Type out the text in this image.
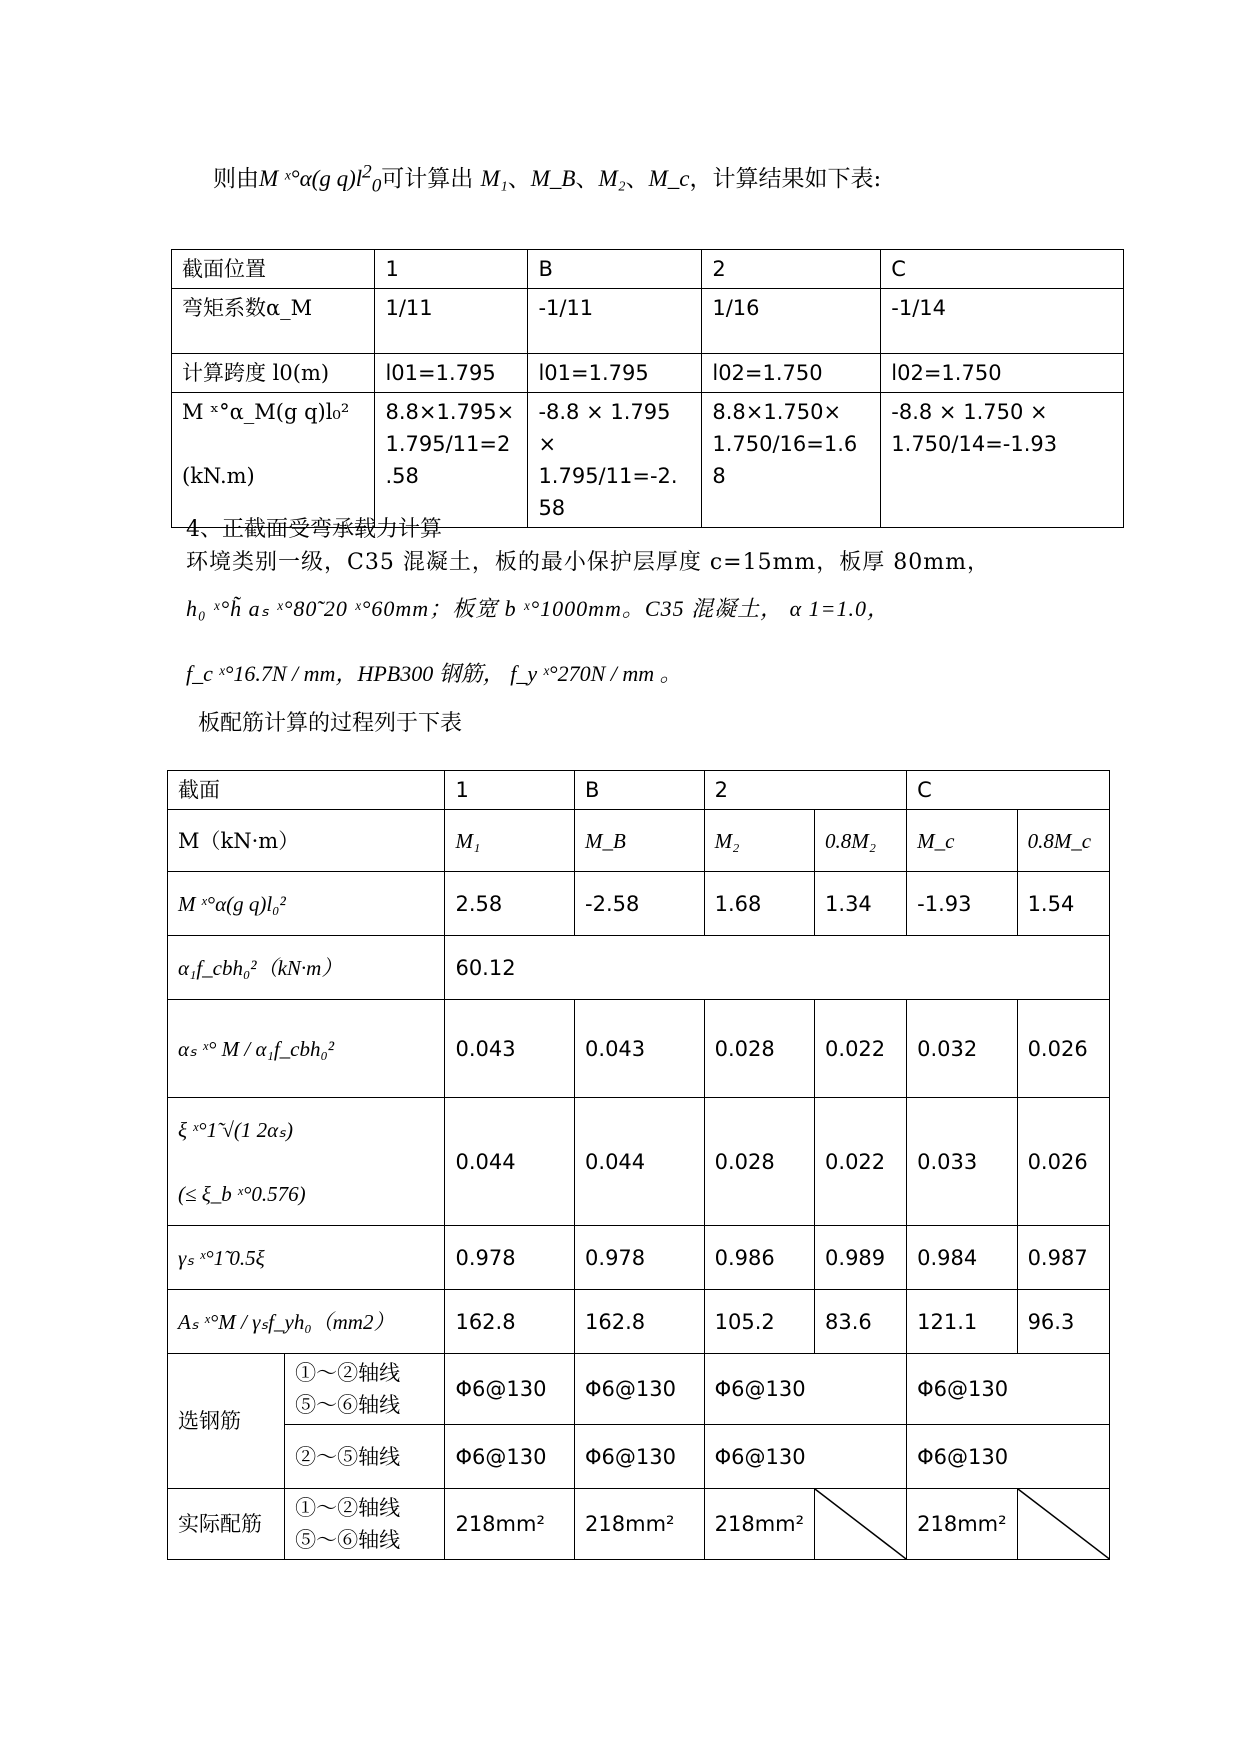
则由M ˣ°α(g $q)l^2_0$可计算出 M₁、M_B、M₂、M_c，计算结果如下表:
截面位置	1	B	2	C
弯矩系数α_M	1/11	-1/11	1/16	-1/14
计算跨度 l0(m)	l01=1.795	l01=1.795	l02=1.750	l02=1.750
M ˣ°α_M(g q)l₀²

(kN.m)	8.8×1.795×
1.795/11=2
.58	-8.8 × 1.795
×
1.795/11=-2.
58	8.8×1.750×
1.750/16=1.6
8	-8.8 × 1.750 ×
1.750/14=-1.93
4、正截面受弯承载力计算
环境类别一级，C35 混凝土，板的最小保护层厚度 c=15mm，板厚 80mm，
h₀ ˣ°h̃ aₛ ˣ°80̃ 20 ˣ°60mm；板宽 b ˣ°1000mm。C35 混凝土， α 1=1.0，
f_c ˣ°16.7N / mm，HPB300 钢筋， f_y ˣ°270N / mm 。
板配筋计算的过程列于下表
截面		1	B	2		C	
M（kN·m）		M₁	M_B	M₂	0.8M₂	M_c	0.8M_c
M ˣ°α(g q)l₀²		2.58	-2.58	1.68	1.34	-1.93	1.54
α₁f_cbh₀²（kN·m）		60.12					
αₛ ˣ° M / α₁f_cbh₀²		0.043	0.043	0.028	0.022	0.032	0.026
ξ ˣ°1̃ √(1 2αₛ)

(≤ ξ_b ˣ°0.576)		0.044	0.044	0.028	0.022	0.033	0.026
γₛ ˣ°1̃ 0.5ξ		0.978	0.978	0.986	0.989	0.984	0.987
Aₛ ˣ°M / γₛf_yh₀（mm2）		162.8	162.8	105.2	83.6	121.1	96.3
选钢筋	①～②轴线
⑤～⑥轴线	Φ6@130	Φ6@130	Φ6@130		Φ6@130	
	②～⑤轴线	Φ6@130	Φ6@130	Φ6@130		Φ6@130	
实际配筋	①～②轴线
⑤～⑥轴线	218mm²	218mm²	218mm²		218mm²	
